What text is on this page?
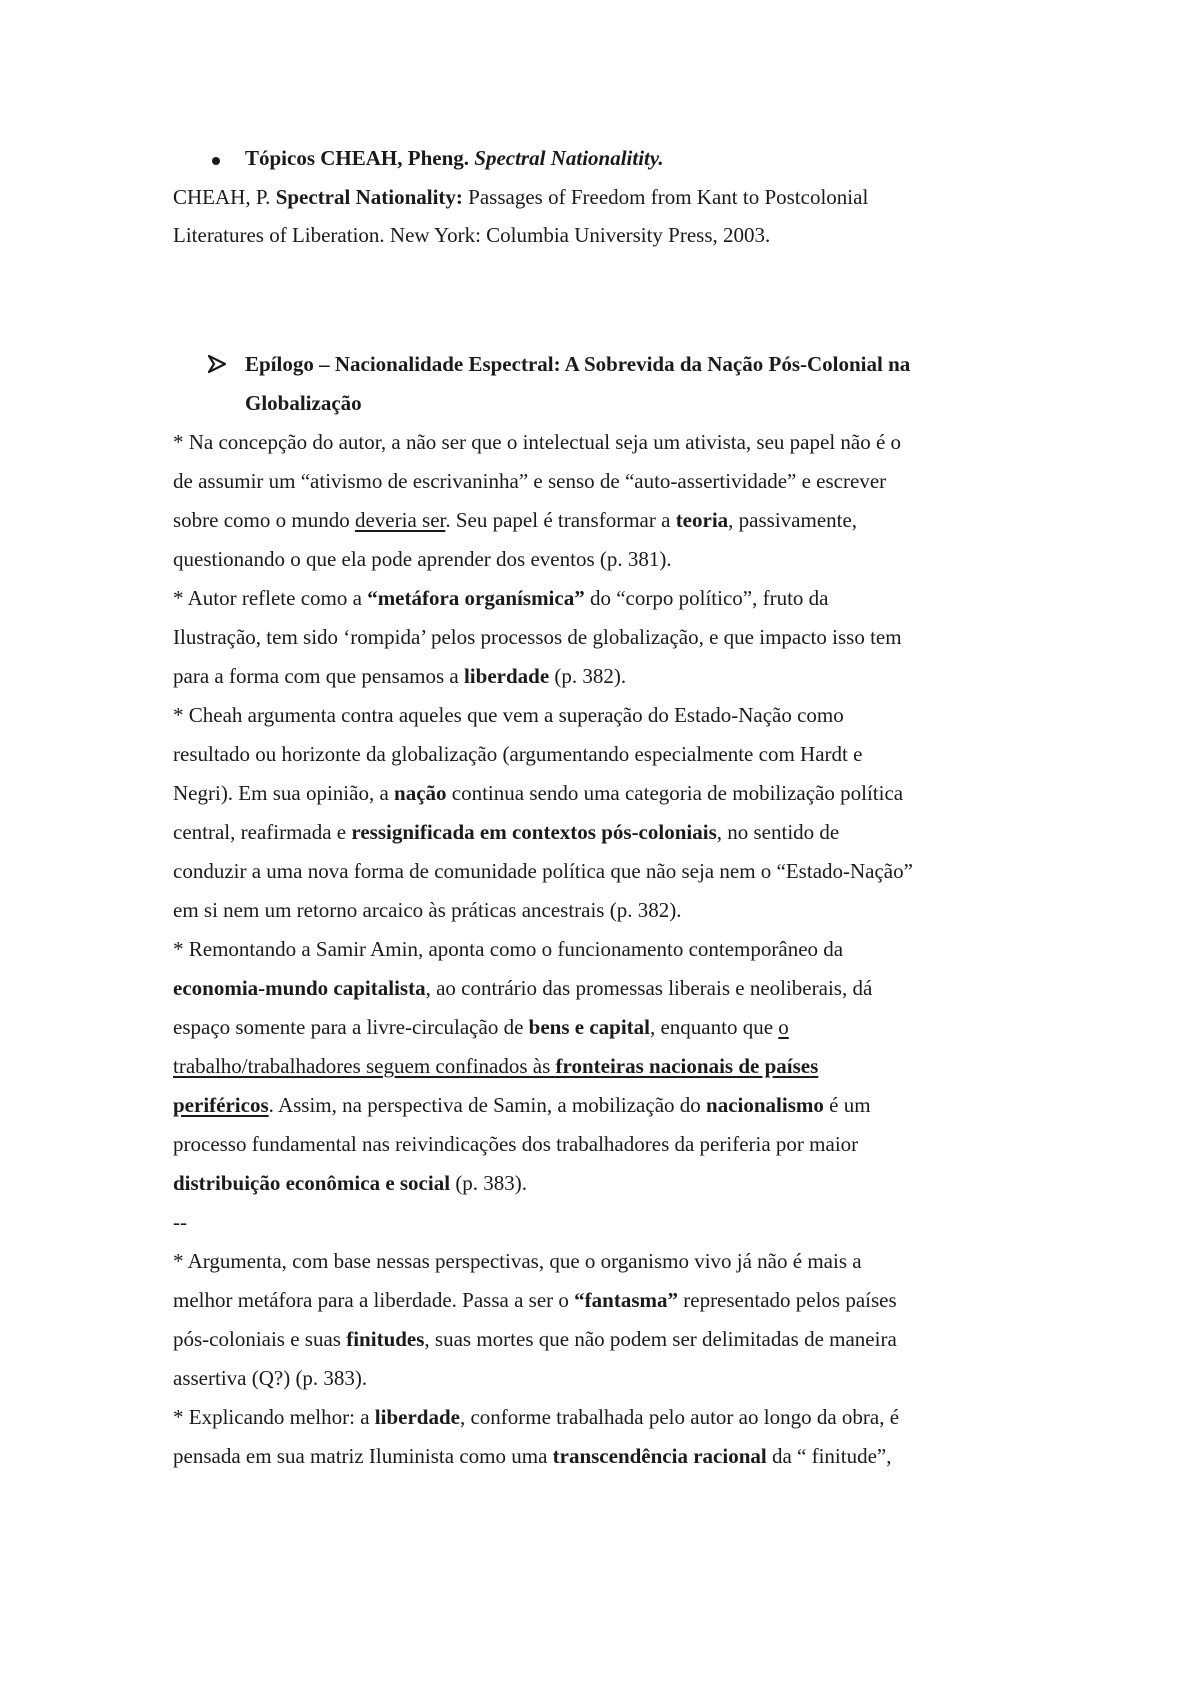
Tópicos CHEAH, Pheng. Spectral Nationalitity.
CHEAH, P. Spectral Nationality: Passages of Freedom from Kant to Postcolonial
Literatures of Liberation. New York: Columbia University Press, 2003.
Epílogo – Nacionalidade Espectral: A Sobrevida da Nação Pós-Colonial na
Globalização
* Na concepção do autor, a não ser que o intelectual seja um ativista, seu papel não é o
de assumir um “ativismo de escrivaninha” e senso de “auto-assertividade” e escrever
sobre como o mundo deveria ser. Seu papel é transformar a teoria, passivamente,
questionando o que ela pode aprender dos eventos (p. 381).
* Autor reflete como a “metáfora organísmica” do “corpo político”, fruto da
Ilustração, tem sido ‘rompida’ pelos processos de globalização, e que impacto isso tem
para a forma com que pensamos a liberdade (p. 382).
* Cheah argumenta contra aqueles que vem a superação do Estado-Nação como
resultado ou horizonte da globalização (argumentando especialmente com Hardt e
Negri). Em sua opinião, a nação continua sendo uma categoria de mobilização política
central, reafirmada e ressignificada em contextos pós-coloniais, no sentido de
conduzir a uma nova forma de comunidade política que não seja nem o “Estado-Nação”
em si nem um retorno arcaico às práticas ancestrais (p. 382).
* Remontando a Samir Amin, aponta como o funcionamento contemporâneo da
economia-mundo capitalista, ao contrário das promessas liberais e neoliberais, dá
espaço somente para a livre-circulação de bens e capital, enquanto que o
trabalho/trabalhadores seguem confinados às fronteiras nacionais de países
periféricos. Assim, na perspectiva de Samin, a mobilização do nacionalismo é um
processo fundamental nas reivindicações dos trabalhadores da periferia por maior
distribuição econômica e social (p. 383).
--
* Argumenta, com base nessas perspectivas, que o organismo vivo já não é mais a
melhor metáfora para a liberdade. Passa a ser o “fantasma” representado pelos países
pós-coloniais e suas finitudes, suas mortes que não podem ser delimitadas de maneira
assertiva (Q?) (p. 383).
* Explicando melhor: a liberdade, conforme trabalhada pelo autor ao longo da obra, é
pensada em sua matriz Iluminista como uma transcendência racional da “ finitude”,
